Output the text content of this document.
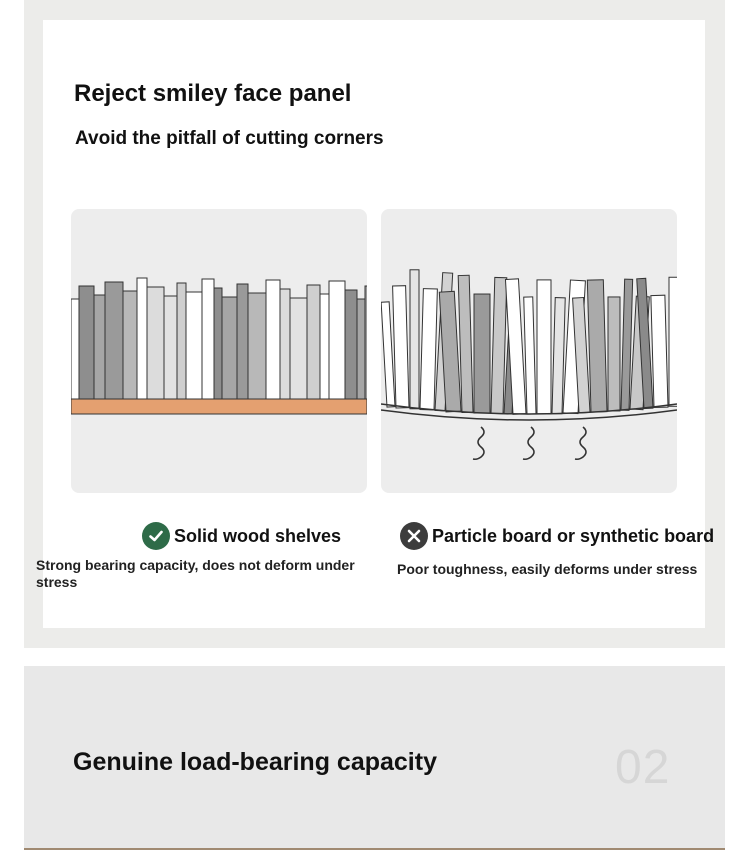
Reject smiley face panel
Avoid the pitfall of cutting corners
Solid wood shelves

Strong bearing capacity, does not deform under stress

Particle board or synthetic board

Poor toughness, easily deforms under stress

Genuine load-bearing capacity	02
